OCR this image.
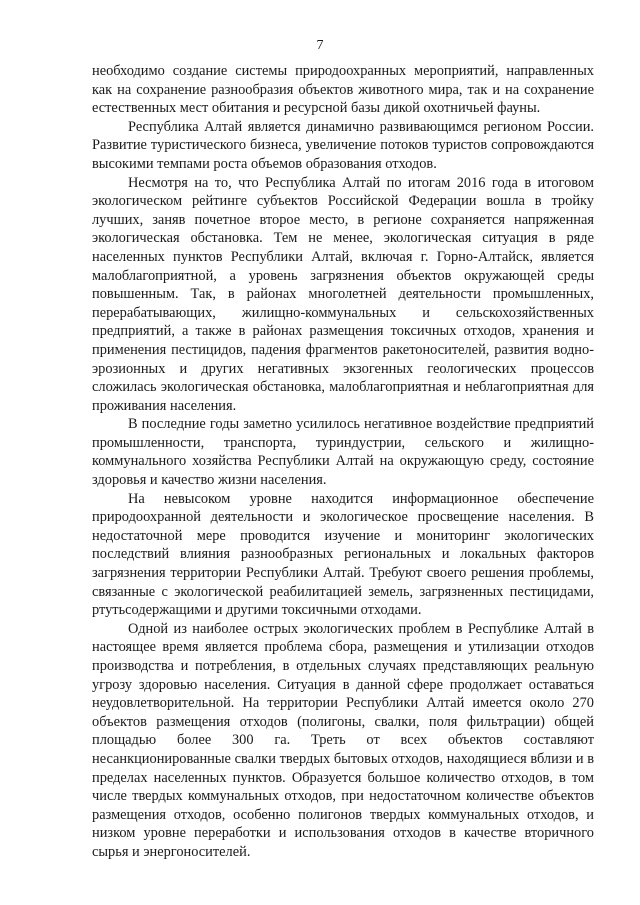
7

необходимо создание системы природоохранных мероприятий, направленных как на сохранение разнообразия объектов животного мира, так и на сохранение естественных мест обитания и ресурсной базы дикой охотничьей фауны.

Республика Алтай является динамично развивающимся регионом России. Развитие туристического бизнеса, увеличение потоков туристов сопровождаются высокими темпами роста объемов образования отходов.

Несмотря на то, что Республика Алтай по итогам 2016 года в итоговом экологическом рейтинге субъектов Российской Федерации вошла в тройку лучших, заняв почетное второе место, в регионе сохраняется напряженная экологическая обстановка. Тем не менее, экологическая ситуация в ряде населенных пунктов Республики Алтай, включая г. Горно-Алтайск, является малоблагоприятной, а уровень загрязнения объектов окружающей среды повышенным. Так, в районах многолетней деятельности промышленных, перерабатывающих, жилищно-коммунальных и сельскохозяйственных предприятий, а также в районах размещения токсичных отходов, хранения и применения пестицидов, падения фрагментов ракетоносителей, развития водно-эрозионных и других негативных экзогенных геологических процессов сложилась экологическая обстановка, малоблагоприятная и неблагоприятная для проживания населения.

В последние годы заметно усилилось негативное воздействие предприятий промышленности, транспорта, туриндустрии, сельского и жилищно-коммунального хозяйства Республики Алтай на окружающую среду, состояние здоровья и качество жизни населения.

На невысоком уровне находится информационное обеспечение природоохранной деятельности и экологическое просвещение населения. В недостаточной мере проводится изучение и мониторинг экологических последствий влияния разнообразных региональных и локальных факторов загрязнения территории Республики Алтай. Требуют своего решения проблемы, связанные с экологической реабилитацией земель, загрязненных пестицидами, ртутьсодержащими и другими токсичными отходами.

Одной из наиболее острых экологических проблем в Республике Алтай в настоящее время является проблема сбора, размещения и утилизации отходов производства и потребления, в отдельных случаях представляющих реальную угрозу здоровью населения. Ситуация в данной сфере продолжает оставаться неудовлетворительной. На территории Республики Алтай имеется около 270 объектов размещения отходов (полигоны, свалки, поля фильтрации) общей площадью более 300 га. Треть от всех объектов составляют несанкционированные свалки твердых бытовых отходов, находящиеся вблизи и в пределах населенных пунктов. Образуется большое количество отходов, в том числе твердых коммунальных отходов, при недостаточном количестве объектов размещения отходов, особенно полигонов твердых коммунальных отходов, и низком уровне переработки и использования отходов в качестве вторичного сырья и энергоносителей.
